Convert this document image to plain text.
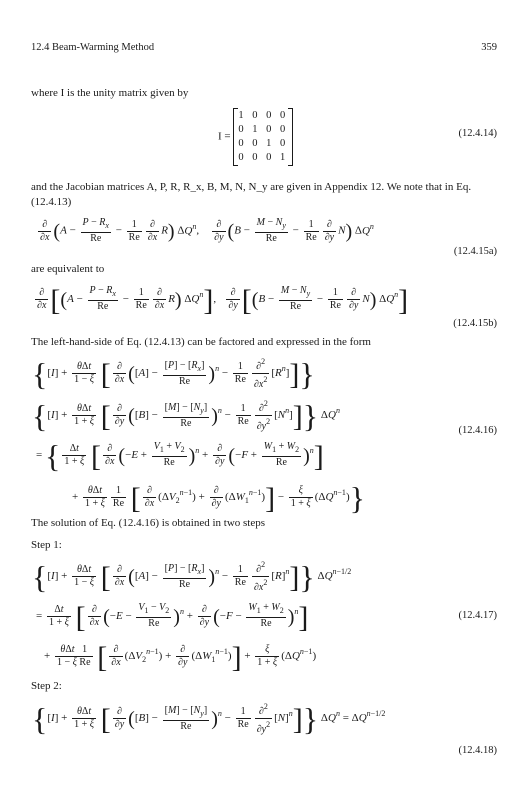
12.4 Beam-Warming Method	359
where I is the unity matrix given by
I =
1 0 0 0
0 1 0 0
0 0 1 0
0 0 0 1
(12.4.14)
and the Jacobian matrices A, P, R, R_x, B, M, N, N_y are given in Appendix 12. We note that in Eq. (12.4.13)
$\frac{\partial}{\partial x} (A - \frac{P - R_x}{Re} - \frac{1}{Re} \frac{\partial}{\partial x} R)$ $\Delta Q^n$, $\frac{\partial}{\partial y} (B - \frac{M - N_y}{Re} - \frac{1}{Re} \frac{\partial}{\partial y} N)$ $\Delta Q^n$
(12.4.15a)
are equivalent to
$\frac{\partial}{\partial x} [(A - \frac{P - R_x}{Re} - \frac{1}{Re} \frac{\partial}{\partial x} R)$ $\Delta Q^n$], $\frac{\partial}{\partial y} [(B - \frac{M - N_y}{Re} - \frac{1}{Re} \frac{\partial}{\partial y} N)$ $\Delta Q^n$]
(12.4.15b)
The left-hand-side of Eq. (12.4.13) can be factored and expressed in the form
{$[I] + \frac{\text{θΔt}}{1 - \xi}$ [ $\frac{\partial}{\partial x} ([A] - \frac{[P] - [R_x]}{Re} )^n - \frac{1}{Re} \frac{\partial^2}{\partial x^2} [R^n]$]}
{$[I] + \frac{\text{θΔt}}{1 + \xi}$ [ $\frac{\partial}{\partial y} ([B] - \frac{[M] - [N_y]}{Re} )^n - \frac{1}{Re} \frac{\partial^2}{\partial y^2} [N^n]$]} $\Delta Q^n$
= { $\frac{\Delta t}{1 + \xi}$ [ $\frac{\partial}{\partial x} (-E + \frac{V_1 + V_2}{Re} )^n + \frac{\partial}{\partial y} (-F + \frac{W_1 + W_2}{Re} )^n$]
+ $\frac{\text{θΔt}}{1 + \xi} \frac{1}{Re}$ [ $\frac{\partial}{\partial x} (\Delta V_2^{n-1}) + \frac{\partial}{\partial y} (\Delta W_1^{n-1})] - \frac{\xi}{1 + \xi} (\Delta Q^{n-1})$}
(12.4.16)
The solution of Eq. (12.4.16) is obtained in two steps
Step 1:
{$[I] + \frac{\text{θΔt}}{1 - \xi}$ [ $\frac{\partial}{\partial x} ([A] - \frac{[P] - [R_x]}{Re} )^n - \frac{1}{Re} \frac{\partial^2}{\partial x^2} [R]^n$]} $\Delta Q^{n-1/2}$
= $\frac{\Delta t}{1 + \xi}$ [ $\frac{\partial}{\partial x} (-E - \frac{V_1 - V_2}{Re} )^n + \frac{\partial}{\partial y} (-F - \frac{W_1 + W_2}{Re} )^n$]
+ $\frac{\text{θΔt   1}}{\text{1 − ξ Re}}$ [ $\frac{\partial}{\partial x} (\Delta V_2^{n-1}) + \frac{\partial}{\partial y} (\Delta W_1^{n-1})] + \frac{\xi}{1 + \xi} (\Delta Q^{n-1})$
(12.4.17)
Step 2:
{$[I] + \frac{\text{θΔt}}{1 + \xi}$ [ $\frac{\partial}{\partial y} ([B] - \frac{[M] - [N_y]}{Re} )^n - \frac{1}{Re} \frac{\partial^2}{\partial y^2} [N]^n$]} $\Delta Q^n = \Delta Q^{n-1/2}$
(12.4.18)
